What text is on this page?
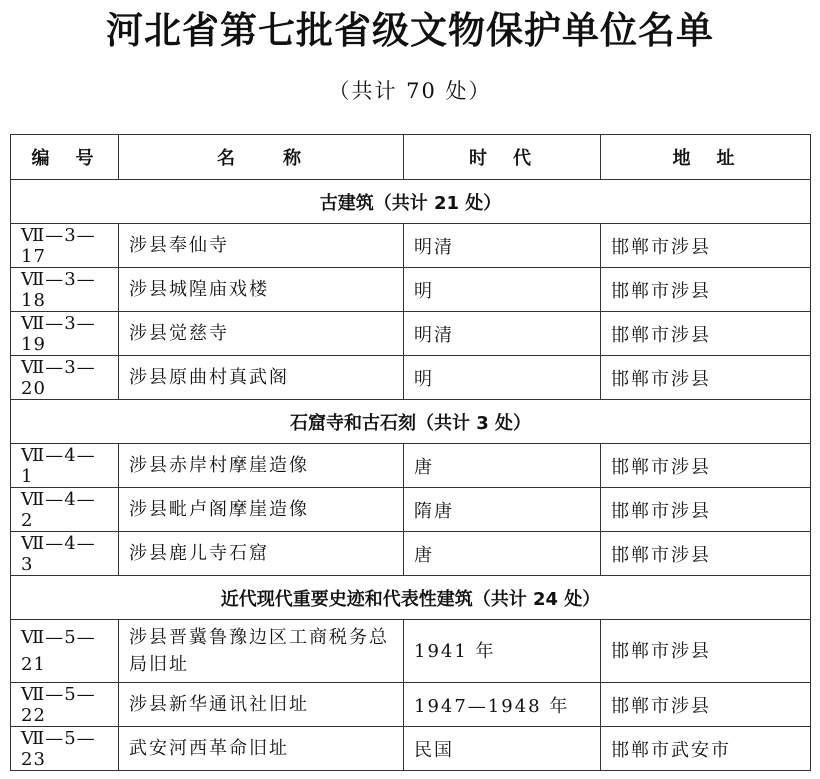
河北省第七批省级文物保护单位名单
（共计 70 处）
编　号	名　　称	时　代	地　址
古建筑（共计 21 处）			
Ⅶ—3—17	涉县奉仙寺	明清	邯郸市涉县
Ⅶ—3—18	涉县城隍庙戏楼	明	邯郸市涉县
Ⅶ—3—19	涉县觉慈寺	明清	邯郸市涉县
Ⅶ—3—20	涉县原曲村真武阁	明	邯郸市涉县
石窟寺和古石刻（共计 3 处）			
Ⅶ—4—1	涉县赤岸村摩崖造像	唐	邯郸市涉县
Ⅶ—4—2	涉县毗卢阁摩崖造像	隋唐	邯郸市涉县
Ⅶ—4—3	涉县鹿儿寺石窟	唐	邯郸市涉县
近代现代重要史迹和代表性建筑（共计 24 处）			
Ⅶ—5—21	涉县晋冀鲁豫边区工商税务总局旧址	1941 年	邯郸市涉县
Ⅶ—5—22	涉县新华通讯社旧址	1947—1948 年	邯郸市涉县
Ⅶ—5—23	武安河西革命旧址	民国	邯郸市武安市
